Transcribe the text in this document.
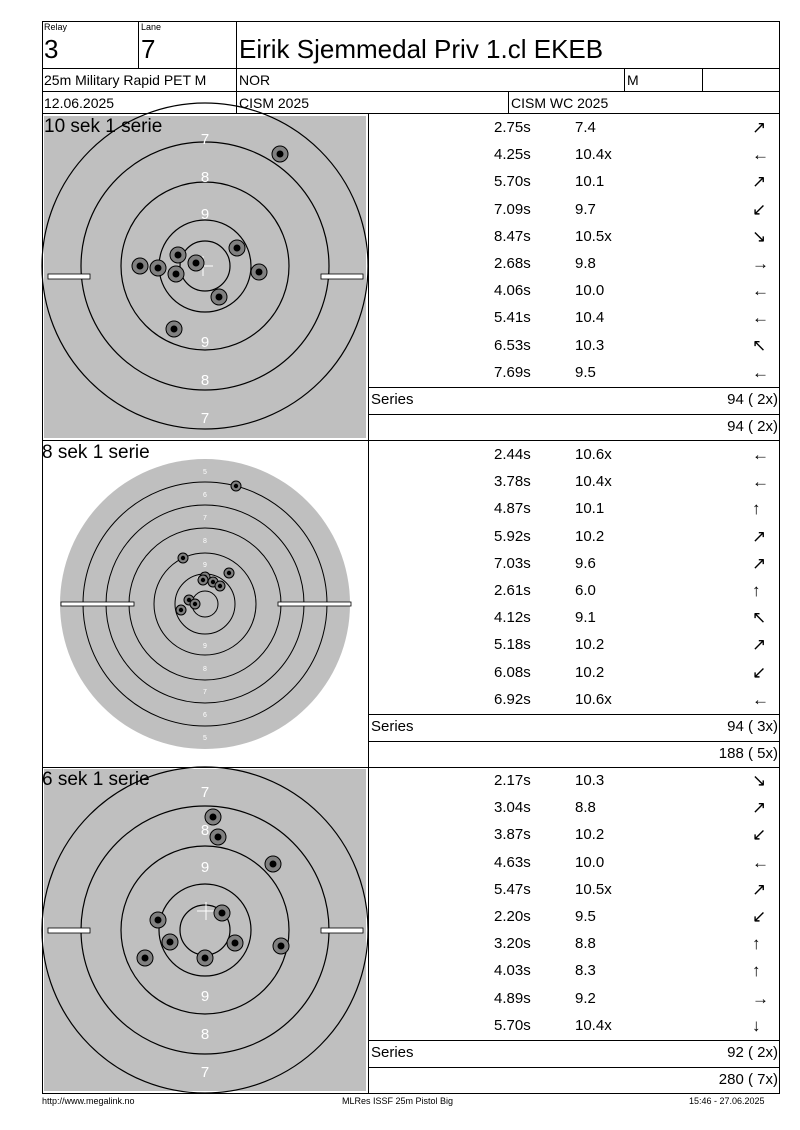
Relay
3
Lane
7	Eirik Sjemmedal Priv 1.cl EKEB
25m Military Rapid PET M NOR	M
12.06.2025	CISM 2025	CISM WC 2025
7
8
9
9
8
7
5
6
7
8
9
9
8
7
6
5
7
8
9
9
8
7
10 sek 1 serie
8 sek 1 serie
6 sek 1 serie
2.75s	7.4	↗
4.25s	10.4x	←
5.70s	10.1	↗
7.09s	9.7	↙
8.47s	10.5x	↘
2.68s	9.8	→
4.06s	10.0	←
5.41s	10.4	←
6.53s	10.3	↖
7.69s	9.5	←
Series	94 ( 2x)
94 ( 2x)
2.44s	10.6x	←
3.78s	10.4x	←
4.87s	10.1	↑
5.92s	10.2	↗
7.03s	9.6	↗
2.61s	6.0	↑
4.12s	9.1	↖
5.18s	10.2	↗
6.08s	10.2	↙
6.92s	10.6x	←
Series	94 ( 3x)
188 ( 5x)
2.17s	10.3	↘
3.04s	8.8	↗
3.87s	10.2	↙
4.63s	10.0	←
5.47s	10.5x	↗
2.20s	9.5	↙
3.20s	8.8	↑
4.03s	8.3	↑
4.89s	9.2	→
5.70s	10.4x	↓
Series	92 ( 2x)
280 ( 7x)
http://www.megalink.no	MLRes ISSF 25m Pistol Big	15:46 - 27.06.2025
